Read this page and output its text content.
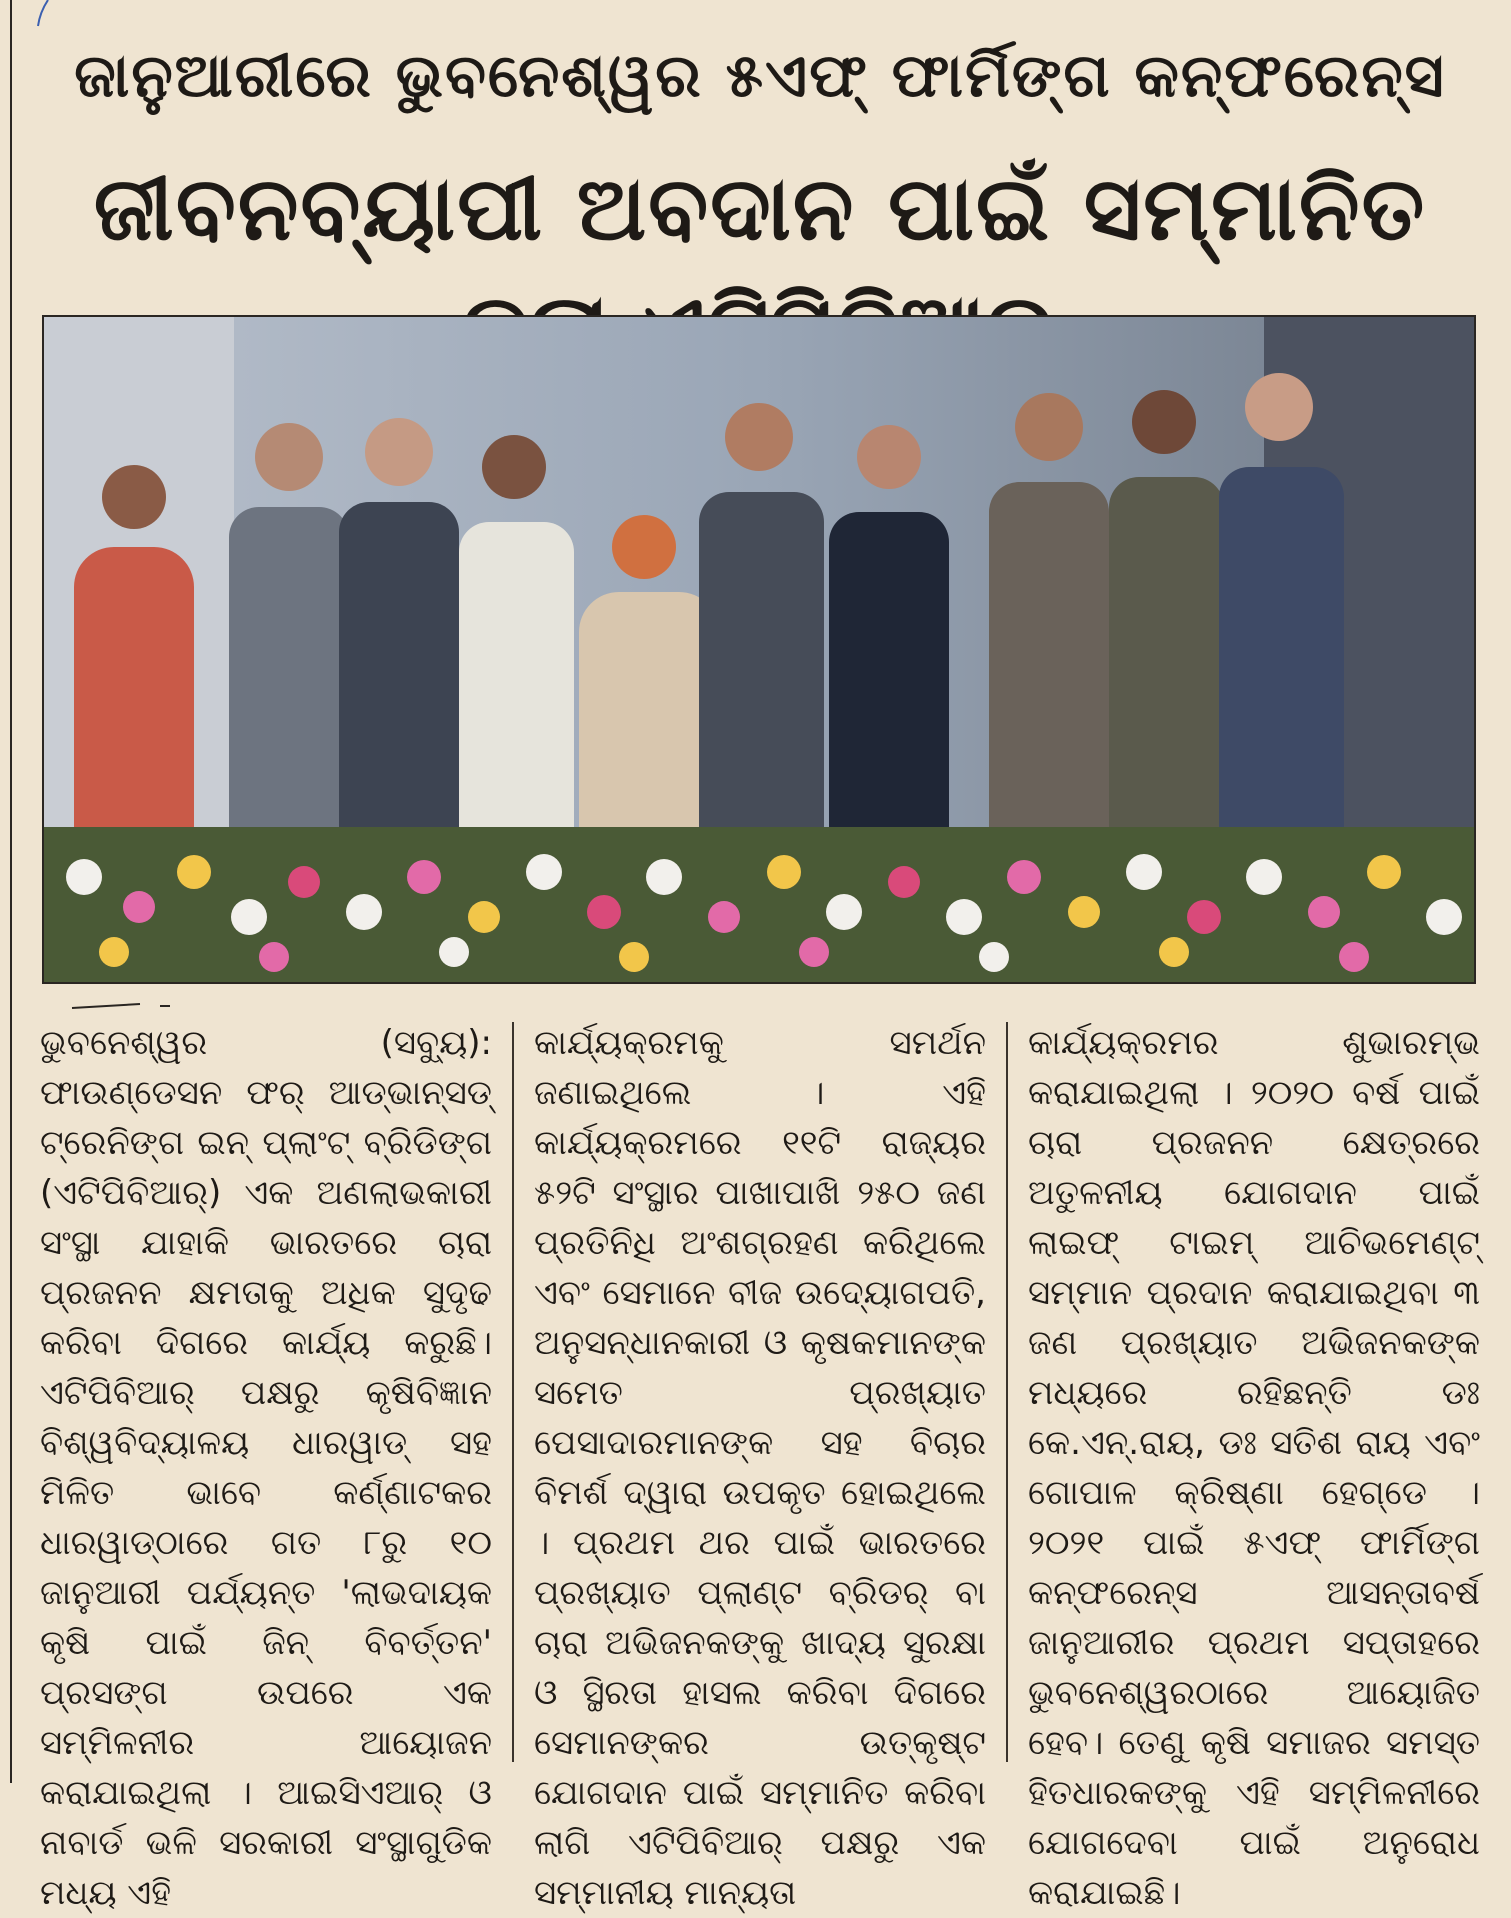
ଜାନୁଆରୀରେ ଭୁବନେଶ୍ୱର ୫ଏଫ୍ ଫାର୍ମିଙ୍ଗ କନ୍ଫରେନ୍ସ
ଜୀବନବ୍ୟାପୀ ଅବଦାନ ପାଇଁ ସମ୍ମାନିତ
ଭୁବନେଶ୍ୱର (ସବ୍ୟୁ): ଫାଉଣ୍ଡେସନ ଫର୍ ଆଡ୍ଭାନ୍ସଡ୍ ଟ୍ରେନିଙ୍ଗ ଇନ୍ ପ୍ଲାଂଟ୍ ବ୍ରିଡିଙ୍ଗ (ଏଟିପିବିଆର୍) ଏକ ଅଣଲାଭକାରୀ ସଂସ୍ଥା ଯାହାକି ଭାରତରେ ଚାରା ପ୍ରଜନନ କ୍ଷମତାକୁ ଅଧିକ ସୁଦୃଢ କରିବା ଦିଗରେ କାର୍ଯ୍ୟ କରୁଛି। ଏଟିପିବିଆର୍ ପକ୍ଷରୁ କୃଷିବିଜ୍ଞାନ ବିଶ୍ୱବିଦ୍ୟାଳୟ ଧାରୱାଡ୍ ସହ ମିଳିତ ଭାବେ କର୍ଣ୍ଣାଟକର ଧାରୱାଡ୍ଠାରେ ଗତ ୮ରୁ ୧୦ ଜାନୁଆରୀ ପର୍ଯ୍ୟନ୍ତ 'ଲାଭଦାୟକ କୃଷି ପାଇଁ ଜିନ୍ ବିବର୍ତ୍ତନ' ପ୍ରସଙ୍ଗ ଉପରେ ଏକ ସମ୍ମିଳନୀର ଆୟୋଜନ କରାଯାଇଥିଲା । ଆଇସିଏଆର୍ ଓ ନାବାର୍ଡ ଭଳି ସରକାରୀ ସଂସ୍ଥାଗୁଡିକ ମଧ୍ୟ ଏହି
କାର୍ଯ୍ୟକ୍ରମକୁ ସମର୍ଥନ ଜଣାଇଥିଲେ । ଏହି କାର୍ଯ୍ୟକ୍ରମରେ ୧୧ଟି ରାଜ୍ୟର ୫୨ଟି ସଂସ୍ଥାର ପାଖାପାଖି ୨୫୦ ଜଣ ପ୍ରତିନିଧି ଅଂଶଗ୍ରହଣ କରିଥିଲେ ଏବଂ ସେମାନେ ବୀଜ ଉଦ୍ୟୋଗପତି, ଅନୁସନ୍ଧାନକାରୀ ଓ କୃଷକମାନଙ୍କ ସମେତ ପ୍ରଖ୍ୟାତ ପେସାଦାରମାନଙ୍କ ସହ ବିଚାର ବିମର୍ଶ ଦ୍ୱାରା ଉପକୃତ ହୋଇଥିଲେ । ପ୍ରଥମ ଥର ପାଇଁ ଭାରତରେ ପ୍ରଖ୍ୟାତ ପ୍ଲାଣ୍ଟ ବ୍ରିଡର୍ ବା ଚାରା ଅଭିଜନକଙ୍କୁ ଖାଦ୍ୟ ସୁରକ୍ଷା ଓ ସ୍ଥିରତା ହାସଲ କରିବା ଦିଗରେ ସେମାନଙ୍କର ଉତ୍କୃଷ୍ଟ ଯୋଗଦାନ ପାଇଁ ସମ୍ମାନିତ କରିବା ଲାଗି ଏଟିପିବିଆର୍ ପକ୍ଷରୁ ଏକ ସମ୍ମାନୀୟ ମାନ୍ୟତା
କାର୍ଯ୍ୟକ୍ରମର ଶୁଭାରମ୍ଭ କରାଯାଇଥିଲା । ୨୦୨୦ ବର୍ଷ ପାଇଁ ଚାରା ପ୍ରଜନନ କ୍ଷେତ୍ରରେ ଅତୁଳନୀୟ ଯୋଗଦାନ ପାଇଁ ଲାଇଫ୍ ଟାଇମ୍ ଆଚିଭମେଣ୍ଟ୍ ସମ୍ମାନ ପ୍ରଦାନ କରାଯାଇଥିବା ୩ ଜଣ ପ୍ରଖ୍ୟାତ ଅଭିଜନକଙ୍କ ମଧ୍ୟରେ ରହିଛନ୍ତି ଡଃ କେ.ଏନ୍.ରାୟ, ଡଃ ସତିଶ ରାୟ ଏବଂ ଗୋପାଳ କ୍ରିଷ୍ଣା ହେଗ୍ଡେ । ୨୦୨୧ ପାଇଁ ୫ଏଫ୍ ଫାର୍ମିଙ୍ଗ କନ୍ଫରେନ୍ସ ଆସନ୍ତାବର୍ଷ ଜାନୁଆରୀର ପ୍ରଥମ ସପ୍ତାହରେ ଭୁବନେଶ୍ୱରଠାରେ ଆୟୋଜିତ ହେବ। ତେଣୁ କୃଷି ସମାଜର ସମସ୍ତ ହିତଧାରକଙ୍କୁ ଏହି ସମ୍ମିଳନୀରେ ଯୋଗଦେବା ପାଇଁ ଅନୁରୋଧ କରାଯାଇଛି।
